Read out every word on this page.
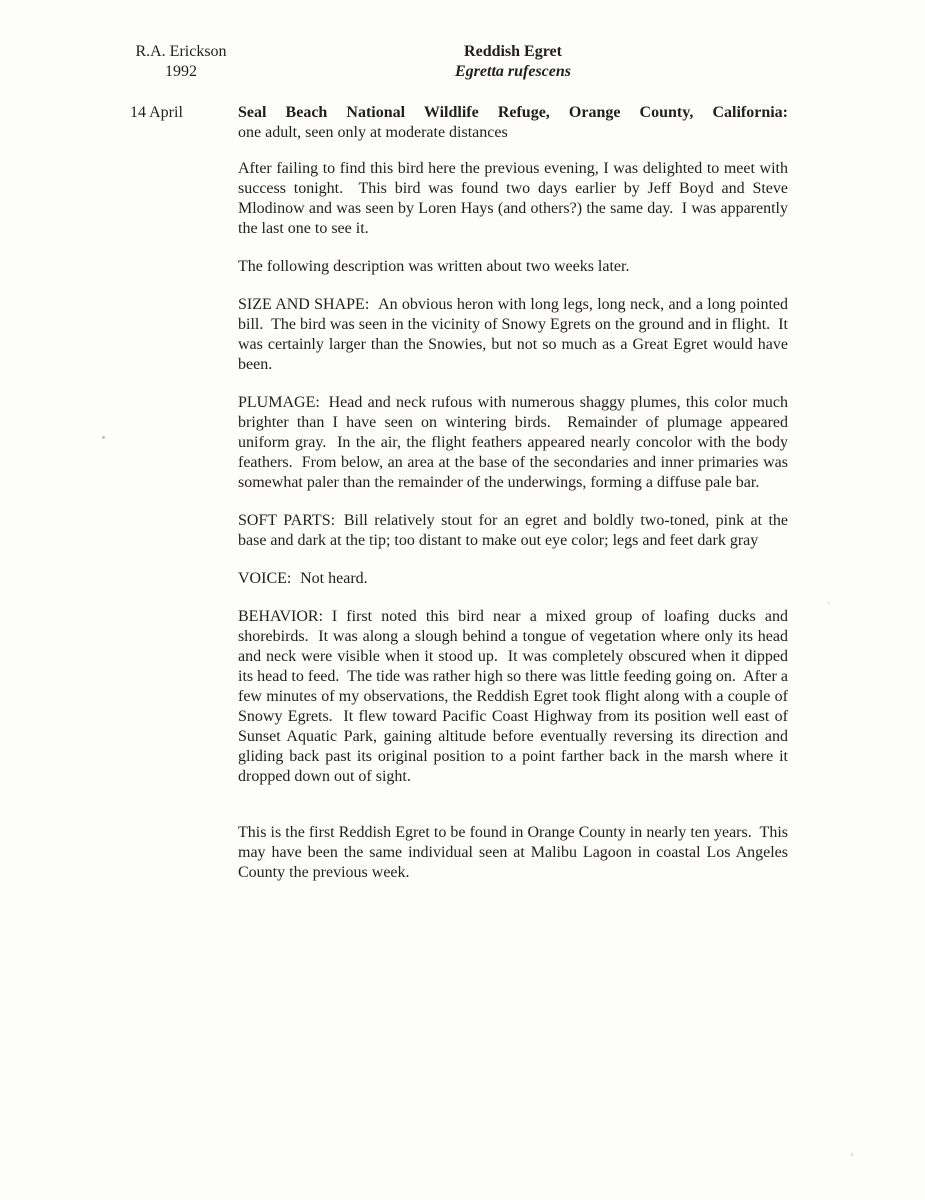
R.A. Erickson
1992
Reddish Egret
Egretta rufescens
14 April	Seal Beach National Wildlife Refuge, Orange County, California:

one adult, seen only at moderate distances

After failing to find this bird here the previous evening, I was delighted to meet with success tonight.  This bird was found two days earlier by Jeff Boyd and Steve Mlodinow and was seen by Loren Hays (and others?) the same day.  I was apparently the last one to see it.

The following description was written about two weeks later.

SIZE AND SHAPE: An obvious heron with long legs, long neck, and a long pointed bill.  The bird was seen in the vicinity of Snowy Egrets on the ground and in flight.  It was certainly larger than the Snowies, but not so much as a Great Egret would have been.

PLUMAGE: Head and neck rufous with numerous shaggy plumes, this color much brighter than I have seen on wintering birds.  Remainder of plumage appeared uniform gray.  In the air, the flight feathers appeared nearly concolor with the body feathers.  From below, an area at the base of the secondaries and inner primaries was somewhat paler than the remainder of the underwings, forming a diffuse pale bar.

SOFT PARTS: Bill relatively stout for an egret and boldly two-toned, pink at the base and dark at the tip; too distant to make out eye color; legs and feet dark gray

VOICE: Not heard.

BEHAVIOR: I first noted this bird near a mixed group of loafing ducks and shorebirds.  It was along a slough behind a tongue of vegetation where only its head and neck were visible when it stood up.  It was completely obscured when it dipped its head to feed.  The tide was rather high so there was little feeding going on.  After a few minutes of my observations, the Reddish Egret took flight along with a couple of Snowy Egrets.  It flew toward Pacific Coast Highway from its position well east of Sunset Aquatic Park, gaining altitude before eventually reversing its direction and gliding back past its original position to a point farther back in the marsh where it dropped down out of sight.

This is the first Reddish Egret to be found in Orange County in nearly ten years.  This may have been the same individual seen at Malibu Lagoon in coastal Los Angeles County the previous week.
